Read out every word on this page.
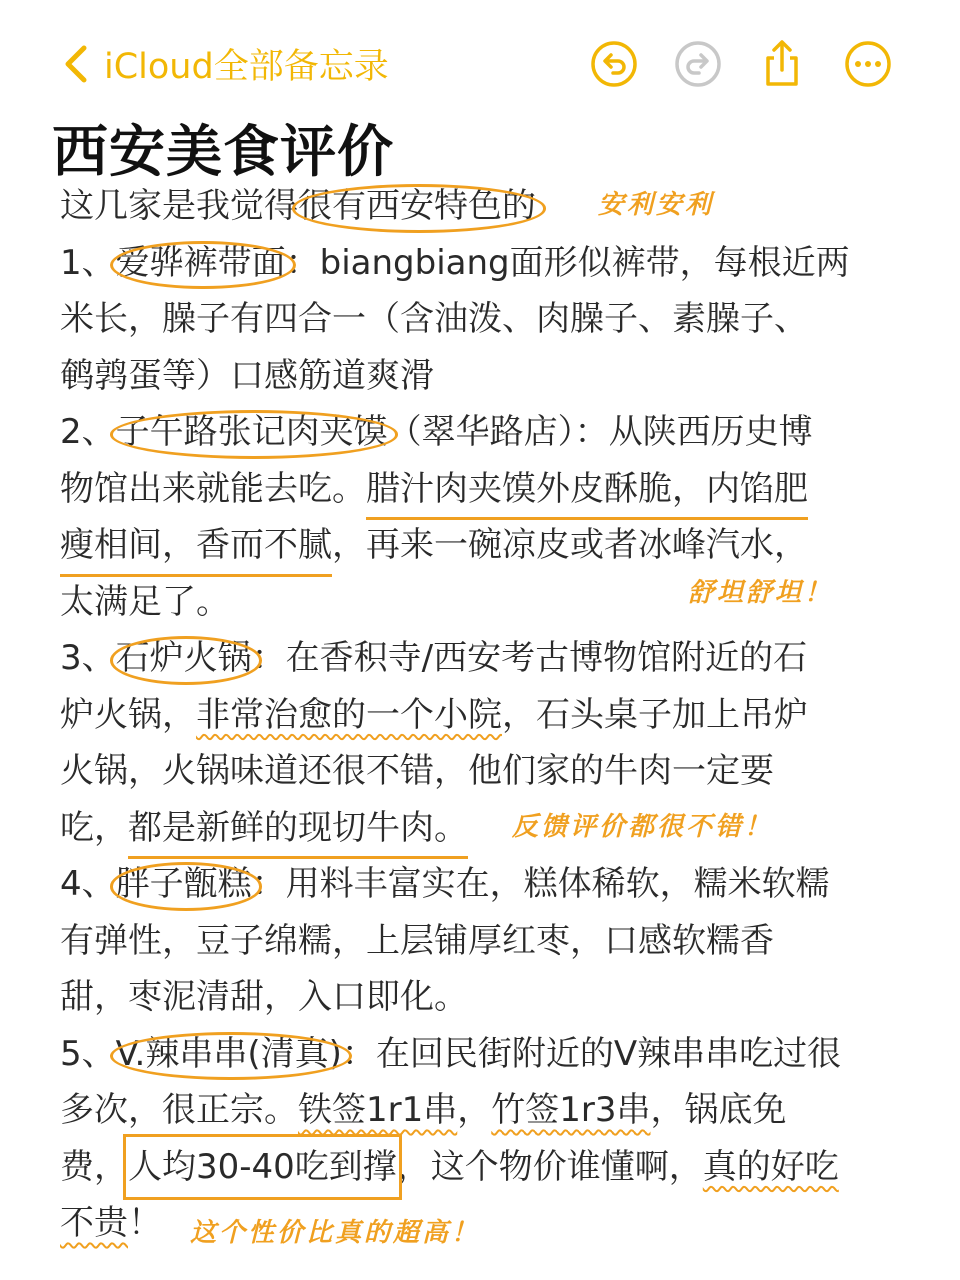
iCloud全部备忘录
西安美食评价
这几家是我觉得很有西安特色的
1、爱骅裤带面：biangbiang面形似裤带，每根近两
米长，臊子有四合一（含油泼、肉臊子、素臊子、
鹌鹑蛋等）口感筋道爽滑
2、子午路张记肉夹馍（翠华路店）：从陕西历史博
物馆出来就能去吃。腊汁肉夹馍外皮酥脆，内馅肥
瘦相间，香而不腻，再来一碗凉皮或者冰峰汽水，
太满足了。
3、石炉火锅：在香积寺/西安考古博物馆附近的石
炉火锅，非常治愈的一个小院，石头桌子加上吊炉
火锅，火锅味道还很不错，他们家的牛肉一定要
吃，都是新鲜的现切牛肉。
4、胖子甑糕：用料丰富实在，糕体稀软，糯米软糯
有弹性，豆子绵糯，上层铺厚红枣，口感软糯香
甜，枣泥清甜，入口即化。
5、V.辣串串(清真)：在回民街附近的V辣串串吃过很
多次，很正宗。铁签1r1串，竹签1r3串，锅底免
费，人均30-40吃到撑，这个物价谁懂啊，真的好吃
不贵！
安利安利
舒坦舒坦！
反馈评价都很不错！
这个性价比真的超高！
